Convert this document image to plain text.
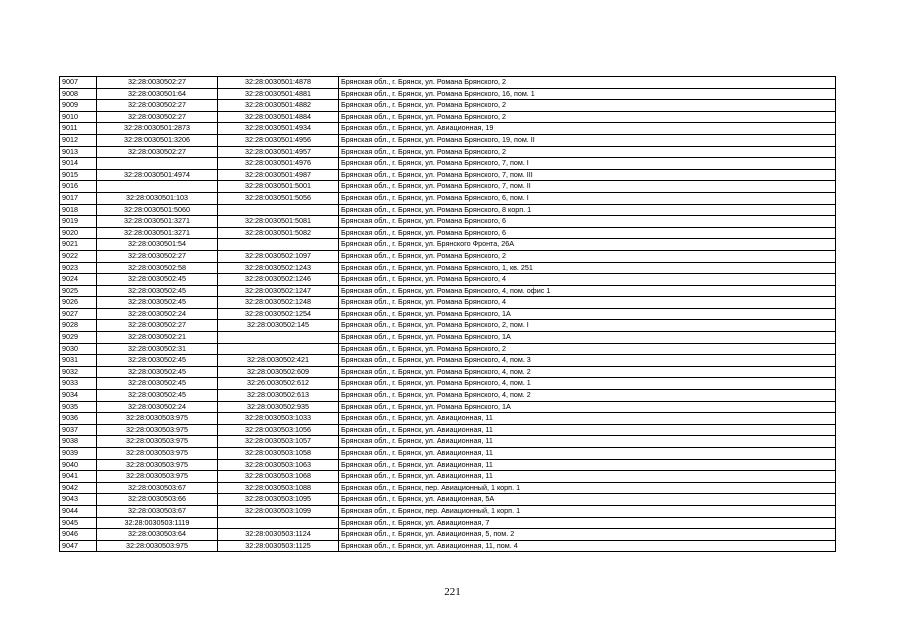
9007	32:28:0030502:27	32:28:0030501:4878	Брянская обл., г. Брянск, ул. Романа Брянского, 2
9008	32:28:0030501:64	32:28:0030501:4881	Брянская обл., г. Брянск, ул. Романа Брянского, 16, пом. 1
9009	32:28:0030502:27	32:28:0030501:4882	Брянская обл., г. Брянск, ул. Романа Брянского, 2
9010	32:28:0030502:27	32:28:0030501:4884	Брянская обл., г. Брянск, ул. Романа Брянского, 2
9011	32:28:0030501:2873	32:28:0030501:4934	Брянская обл., г. Брянск, ул. Авиационная, 19
9012	32:28:0030501:3206	32:28:0030501:4956	Брянская обл., г. Брянск, ул. Романа Брянского, 19, пом. II
9013	32:28:0030502:27	32:28:0030501:4957	Брянская обл., г. Брянск, ул. Романа Брянского, 2
9014		32:28:0030501:4976	Брянская обл., г. Брянск, ул. Романа Брянского, 7, пом. I
9015	32:28:0030501:4974	32:28:0030501:4987	Брянская обл., г. Брянск, ул. Романа Брянского, 7, пом. III
9016		32:28:0030501:5001	Брянская обл., г. Брянск, ул. Романа Брянского, 7, пом. II
9017	32:28:0030501:103	32:28:0030501:5056	Брянская обл., г. Брянск, ул. Романа Брянского, 6, пом. I
9018	32:28:0030501:5060		Брянская обл., г. Брянск, ул. Романа Брянского, 8 корп. 1
9019	32:28:0030501:3271	32:28:0030501:5081	Брянская обл., г. Брянск, ул. Романа Брянского, 6
9020	32:28:0030501:3271	32:28:0030501:5082	Брянская обл., г. Брянск, ул. Романа Брянского, 6
9021	32:28:0030501:54		Брянская обл., г. Брянск, ул. Брянского Фронта, 26А
9022	32:28:0030502:27	32:28:0030502:1097	Брянская обл., г. Брянск, ул. Романа Брянского, 2
9023	32:28:0030502:58	32:28:0030502:1243	Брянская обл., г. Брянск, ул. Романа Брянского, 1, кв. 251
9024	32:28:0030502:45	32:28:0030502:1246	Брянская обл., г. Брянск, ул. Романа Брянского, 4
9025	32:28:0030502:45	32:28:0030502:1247	Брянская обл., г. Брянск, ул. Романа Брянского, 4, пом. офис 1
9026	32:28:0030502:45	32:28:0030502:1248	Брянская обл., г. Брянск, ул. Романа Брянского, 4
9027	32:28:0030502:24	32:28:0030502:1254	Брянская обл., г. Брянск, ул. Романа Брянского, 1А
9028	32:28:0030502:27	32:28:0030502:145	Брянская обл., г. Брянск, ул. Романа Брянского, 2, пом. I
9029	32:28:0030502:21		Брянская обл., г. Брянск, ул. Романа Брянского, 1А
9030	32:28:0030502:31		Брянская обл., г. Брянск, ул. Романа Брянского, 2
9031	32:28:0030502:45	32:28:0030502:421	Брянская обл., г. Брянск, ул. Романа Брянского, 4, пом. 3
9032	32:28:0030502:45	32:28:0030502:609	Брянская обл., г. Брянск, ул. Романа Брянского, 4, пом. 2
9033	32:28:0030502:45	32:26:0030502:612	Брянская обл., г. Брянск, ул. Романа Брянского, 4, пом. 1
9034	32:28:0030502:45	32:28:0030502:613	Брянская обл., г. Брянск, ул. Романа Брянского, 4, пом. 2
9035	32:28:0030502:24	32:28:0030502:935	Брянская обл., г. Брянск, ул. Романа Брянского, 1А
9036	32:28:0030503:975	32:28:0030503:1033	Брянская обл., г. Брянск, ул. Авиационная, 11
9037	32:28:0030503:975	32:28:0030503:1056	Брянская обл., г. Брянск, ул. Авиационная, 11
9038	32:28:0030503:975	32:28:0030503:1057	Брянская обл., г. Брянск, ул. Авиационная, 11
9039	32:28:0030503:975	32:28:0030503:1058	Брянская обл., г. Брянск, ул. Авиационная, 11
9040	32:28:0030503:975	32:28:0030503:1063	Брянская обл., г. Брянск, ул. Авиационная, 11
9041	32:28:0030503:975	32:28:0030503:1068	Брянская обл., г. Брянск, ул. Авиационная, 11
9042	32:28:0030503:67	32:28:0030503:1088	Брянская обл., г. Брянск, пер. Авиационный, 1 корп. 1
9043	32:28:0030503:66	32:28:0030503:1095	Брянская обл., г. Брянск, ул. Авиационная, 5А
9044	32:28:0030503:67	32:28:0030503:1099	Брянская обл., г. Брянск, пер. Авиационный, 1 корп. 1
9045	32:28:0030503:1119		Брянская обл., г. Брянск, ул. Авиационная, 7
9046	32:28:0030503:64	32:28:0030503:1124	Брянская обл., г. Брянск, ул. Авиационная, 5, пом. 2
9047	32:28:0030503:975	32:28:0030503:1125	Брянская обл., г. Брянск, ул. Авиационная, 11, пом. 4
221
